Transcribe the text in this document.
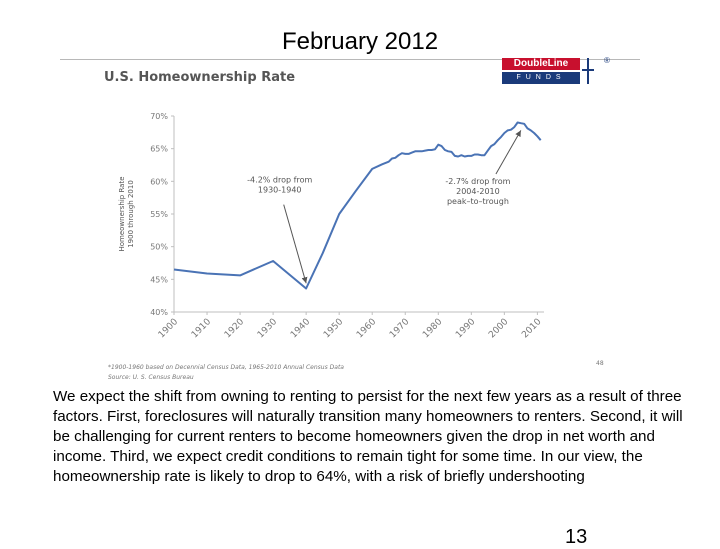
February 2012
U.S. Homeownership Rate
DoubleLine
FUNDS
®
40%
45%
50%
55%
60%
65%
70%
1900 1910 1920 1930 1940 1950 1960 1970 1980 1990 2000 2010
Homeownership Rate 1900 through 2010
-4.2% drop from
1930-1940
-2.7% drop from
2004-2010
peak–to–trough
*1900-1960 based on Decennial Census Data, 1965-2010 Annual Census Data
Source: U. S. Census Bureau
48
We expect the shift from owning to renting to persist for the next few years as a result of three factors. First, foreclosures will naturally transition many homeowners to renters. Second, it will be challenging for current renters to become homeowners given the drop in net worth and income. Third, we expect credit conditions to remain tight for some time. In our view, the homeownership rate is likely to drop to 64%, with a risk of briefly undershooting
13
